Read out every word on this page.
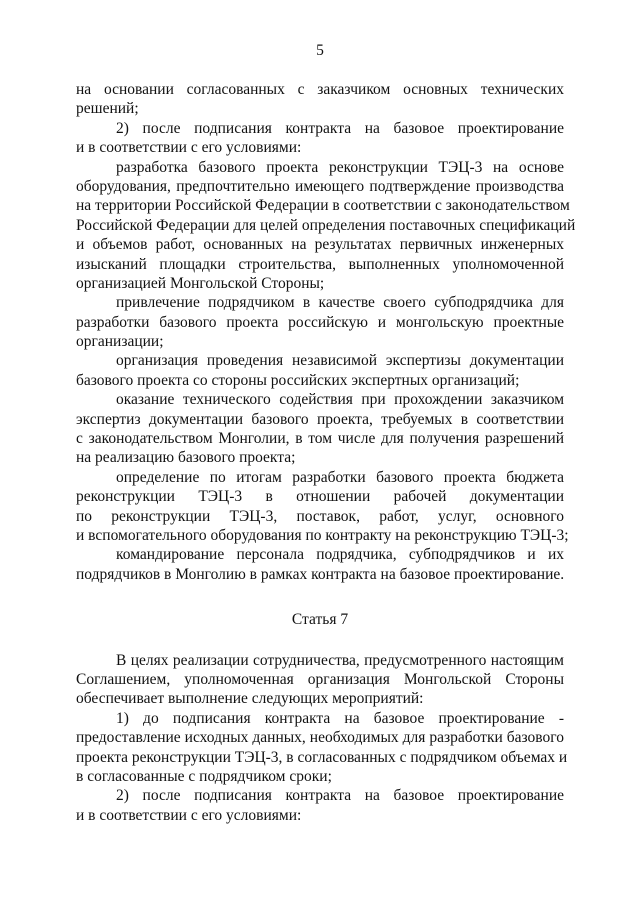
5
на основании согласованных с заказчиком основных технических
решений;
2) после подписания контракта на базовое проектирование
и в соответствии с его условиями:
разработка базового проекта реконструкции ТЭЦ-3 на основе
оборудования, предпочтительно имеющего подтверждение производства
на территории Российской Федерации в соответствии с законодательством
Российской Федерации для целей определения поставочных спецификаций
и объемов работ, основанных на результатах первичных инженерных
изысканий площадки строительства, выполненных уполномоченной
организацией Монгольской Стороны;
привлечение подрядчиком в качестве своего субподрядчика для
разработки базового проекта российскую и монгольскую проектные
организации;
организация проведения независимой экспертизы документации
базового проекта со стороны российских экспертных организаций;
оказание технического содействия при прохождении заказчиком
экспертиз документации базового проекта, требуемых в соответствии
с законодательством Монголии, в том числе для получения разрешений
на реализацию базового проекта;
определение по итогам разработки базового проекта бюджета
реконструкции ТЭЦ-3 в отношении рабочей документации
по реконструкции ТЭЦ-3, поставок, работ, услуг, основного
и вспомогательного оборудования по контракту на реконструкцию ТЭЦ-3;
командирование персонала подрядчика, субподрядчиков и их
подрядчиков в Монголию в рамках контракта на базовое проектирование.
Статья 7
В целях реализации сотрудничества, предусмотренного настоящим
Соглашением, уполномоченная организация Монгольской Стороны
обеспечивает выполнение следующих мероприятий:
1) до подписания контракта на базовое проектирование -
предоставление исходных данных, необходимых для разработки базового
проекта реконструкции ТЭЦ-3, в согласованных с подрядчиком объемах и
в согласованные с подрядчиком сроки;
2) после подписания контракта на базовое проектирование
и в соответствии с его условиями:
